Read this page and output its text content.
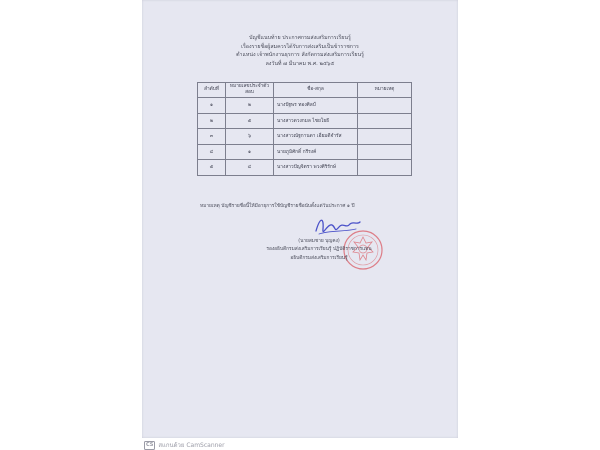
บัญชีแนบท้าย ประกาศกรมส่งเสริมการเรียนรู้
เรื่องรายชื่อผู้สมควรได้รับการส่งเสริมเป็นข้าราชการ
ตำแหน่ง เจ้าพนักงานธุรการ สังกัดกรมส่งเสริมการเรียนรู้
ลงวันที่ ๗ มีนาคม พ.ศ. ๒๕๖๕
ลำดับที่	หมายเลขประจำตัวสอบ	ชื่อ-สกุล	หมายเหตุ
๑	๒	นางปัฐพร ทองศิลป์	
๒	๕	นางสาวดวงกมล ไชยโยธี	
๓	๖	นางสาวณัฐกานดา เอี่ยมดีจำรัส	
๔	๑	นายภูมิศักดิ์ กรีรงค์	
๕	๔	นางสาวปัญจิตรา พวงศิริรักษ์	
หมายเหตุ บัญชีรายชื่อนี้ให้มีอายุการใช้บัญชีรายชื่อนับตั้งแต่วันประกาศ ๑ ปี
(นายสมชาย บุญคง)
รองอธิบดีกรมส่งเสริมการเรียนรู้ ปฏิบัติราชการแทน
อธิบดีกรมส่งเสริมการเรียนรู้
CS สแกนด้วย CamScanner
